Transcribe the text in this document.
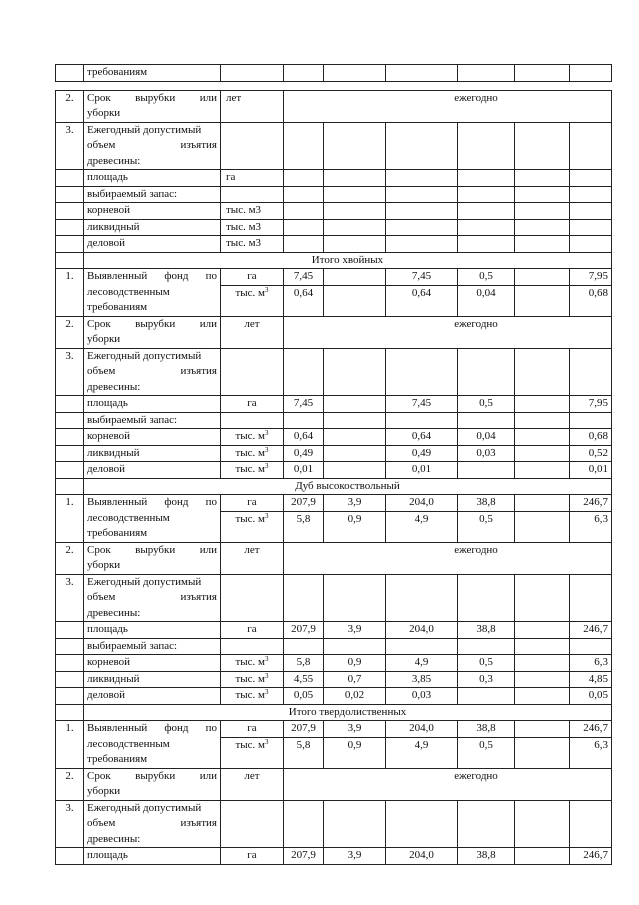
	требованиям							

2.	Срок вырубки или
уборки	лет	ежегодно					
3.	Ежегодный допустимый
объем изъятия
древесины:							

	площадь	га						

	выбираемый запас:							

	корневой	тыс. м3						

	ликвидный	тыс. м3						

	деловой	тыс. м3						
	Итого хвойных							
1.	Выявленный фонд по
лесоводственным
требованиям	га	7,45		7,45	0,5		7,95
		тыс. $м^3$	0,64		0,64	0,04		0,68
2.	Срок вырубки или
уборки	лет	ежегодно					
3.	Ежегодный допустимый
объем изъятия
древесины:							

	площадь	га	7,45		7,45	0,5		7,95

	выбираемый запас:							

	корневой	тыс. $м^3$	0,64		0,64	0,04		0,68

	ликвидный	тыс. $м^3$	0,49		0,49	0,03		0,52

	деловой	тыс. $м^3$	0,01		0,01			0,01
	Дуб высокоствольный							
1.	Выявленный фонд по
лесоводственным
требованиям	га	207,9	3,9	204,0	38,8		246,7
		тыс. $м^3$	5,8	0,9	4,9	0,5		6,3
2.	Срок вырубки или
уборки	лет	ежегодно					
3.	Ежегодный допустимый
объем изъятия
древесины:							

	площадь	га	207,9	3,9	204,0	38,8		246,7

	выбираемый запас:							

	корневой	тыс. $м^3$	5,8	0,9	4,9	0,5		6,3

	ликвидный	тыс. $м^3$	4,55	0,7	3,85	0,3		4,85

	деловой	тыс. $м^3$	0,05	0,02	0,03			0,05
	Итого твердолиственных							
1.	Выявленный фонд по
лесоводственным
требованиям	га	207,9	3,9	204,0	38,8		246,7
		тыс. $м^3$	5,8	0,9	4,9	0,5		6,3
2.	Срок вырубки или
уборки	лет	ежегодно					
3.	Ежегодный допустимый
объем изъятия
древесины:							

	площадь	га	207,9	3,9	204,0	38,8		246,7
